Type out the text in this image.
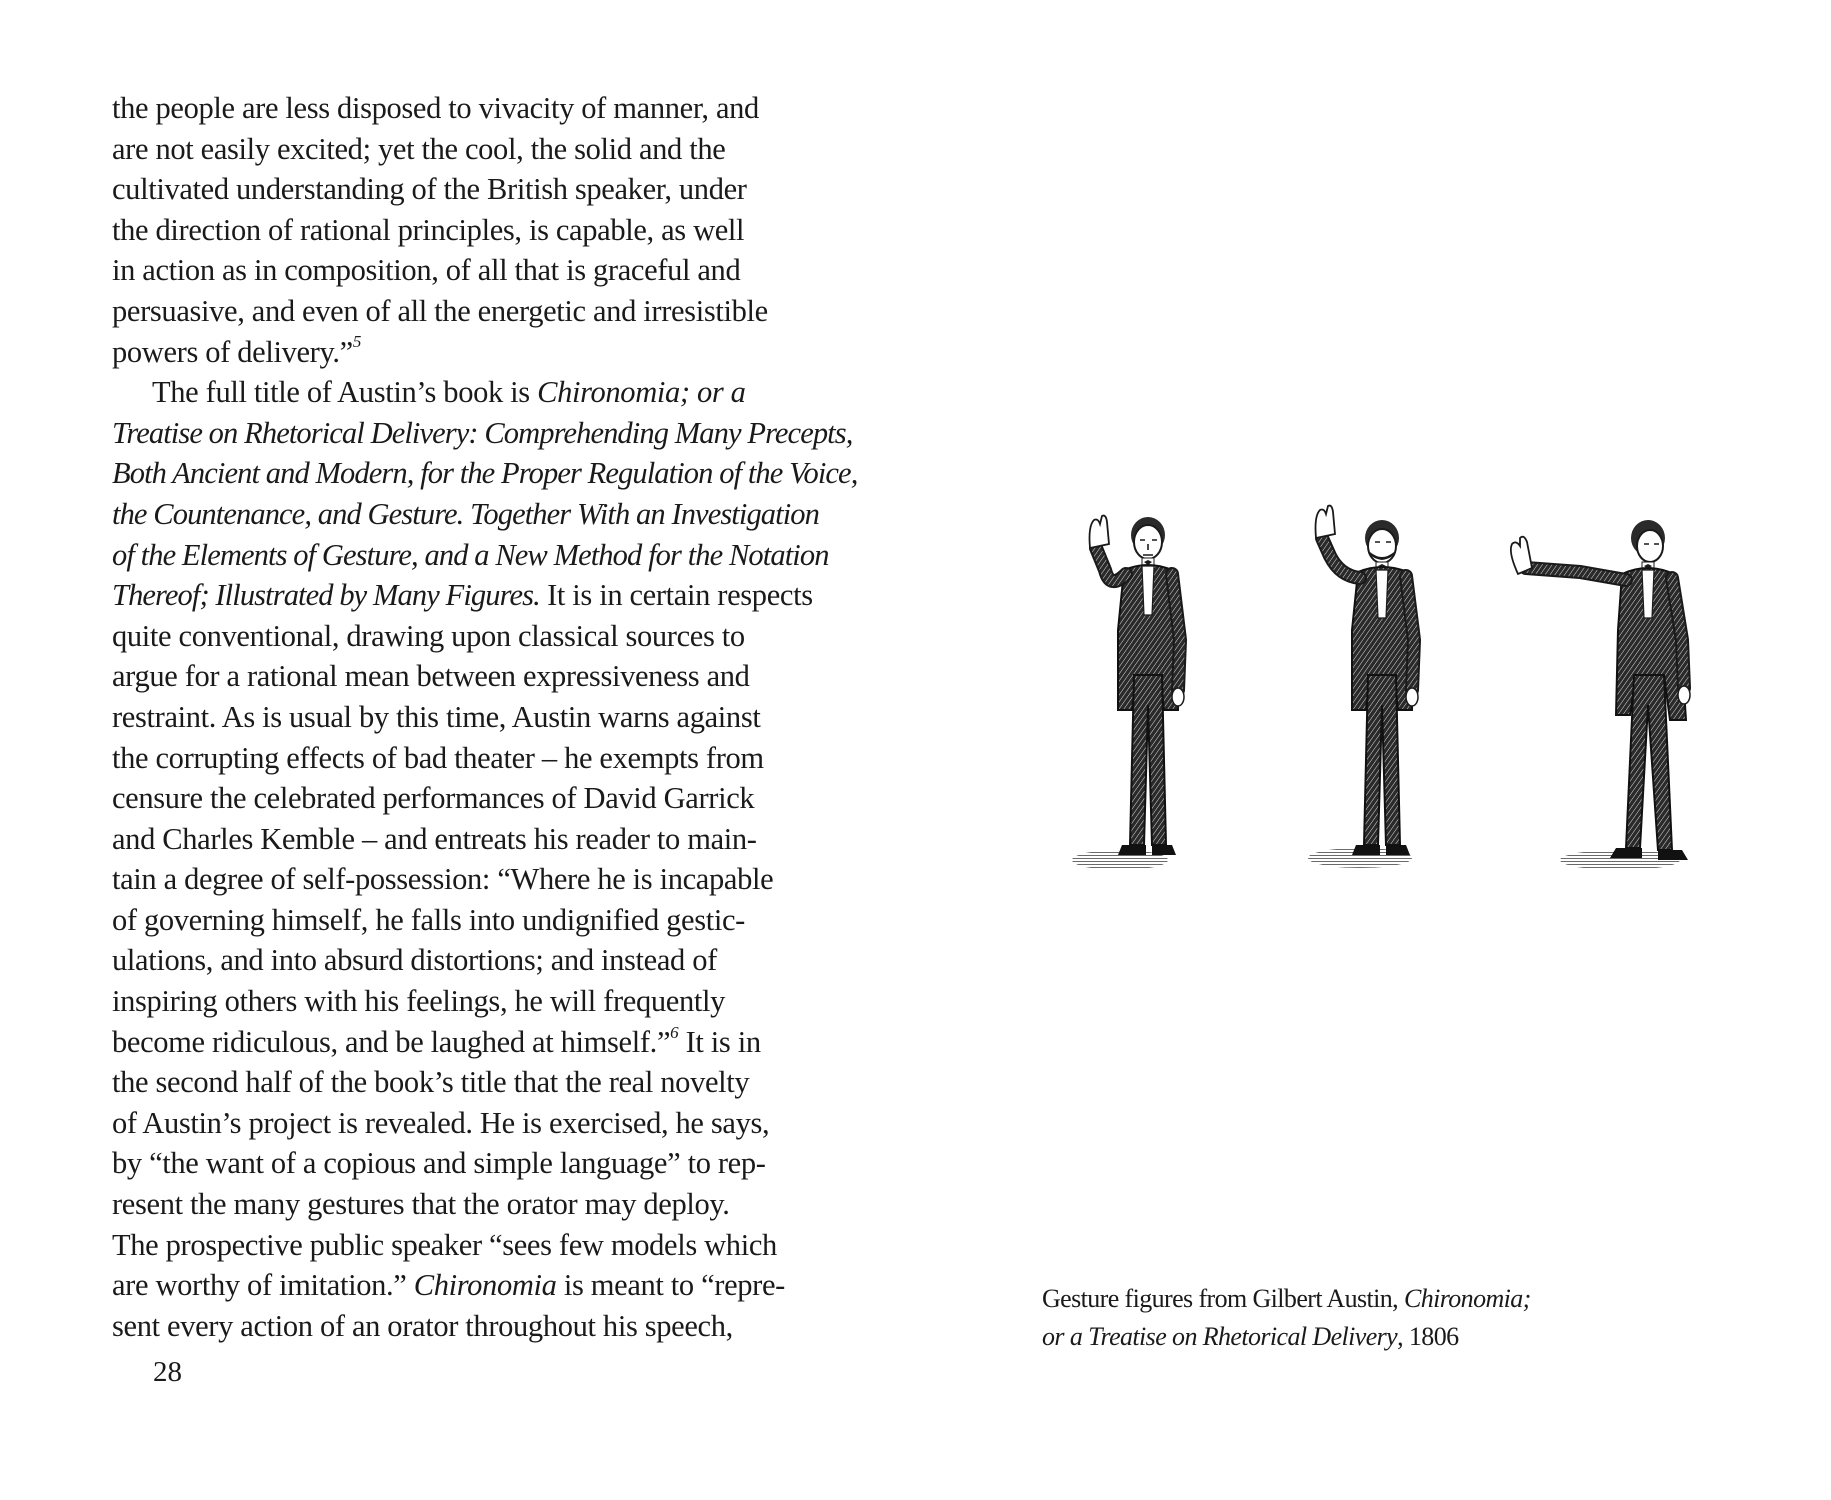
the people are less disposed to vivacity of manner, and
are not easily excited; yet the cool, the solid and the
cultivated understanding of the British speaker, under
the direction of rational principles, is capable, as well
in action as in composition, of all that is graceful and
persuasive, and even of all the energetic and irresistible
powers of delivery.”$^5$
The full title of Austin’s book is Chironomia; or a
Treatise on Rhetorical Delivery: Comprehending Many Precepts,
Both Ancient and Modern, for the Proper Regulation of the Voice,
the Countenance, and Gesture. Together With an Investigation
of the Elements of Gesture, and a New Method for the Notation
Thereof; Illustrated by Many Figures. It is in certain respects
quite conventional, drawing upon classical sources to
argue for a rational mean between expressiveness and
restraint. As is usual by this time, Austin warns against
the corrupting effects of bad theater – he exempts from
censure the celebrated performances of David Garrick
and Charles Kemble – and entreats his reader to main-
tain a degree of self-possession: “Where he is incapable
of governing himself, he falls into undignified gestic-
ulations, and into absurd distortions; and instead of
inspiring others with his feelings, he will frequently
become ridiculous, and be laughed at himself.”$^6$ It is in
the second half of the book’s title that the real novelty
of Austin’s project is revealed. He is exercised, he says,
by “the want of a copious and simple language” to rep-
resent the many gestures that the orator may deploy.
The prospective public speaker “sees few models which
are worthy of imitation.” Chironomia is meant to “repre-
sent every action of an orator throughout his speech,
28
Gesture figures from Gilbert Austin, Chironomia;
or a Treatise on Rhetorical Delivery, 1806
